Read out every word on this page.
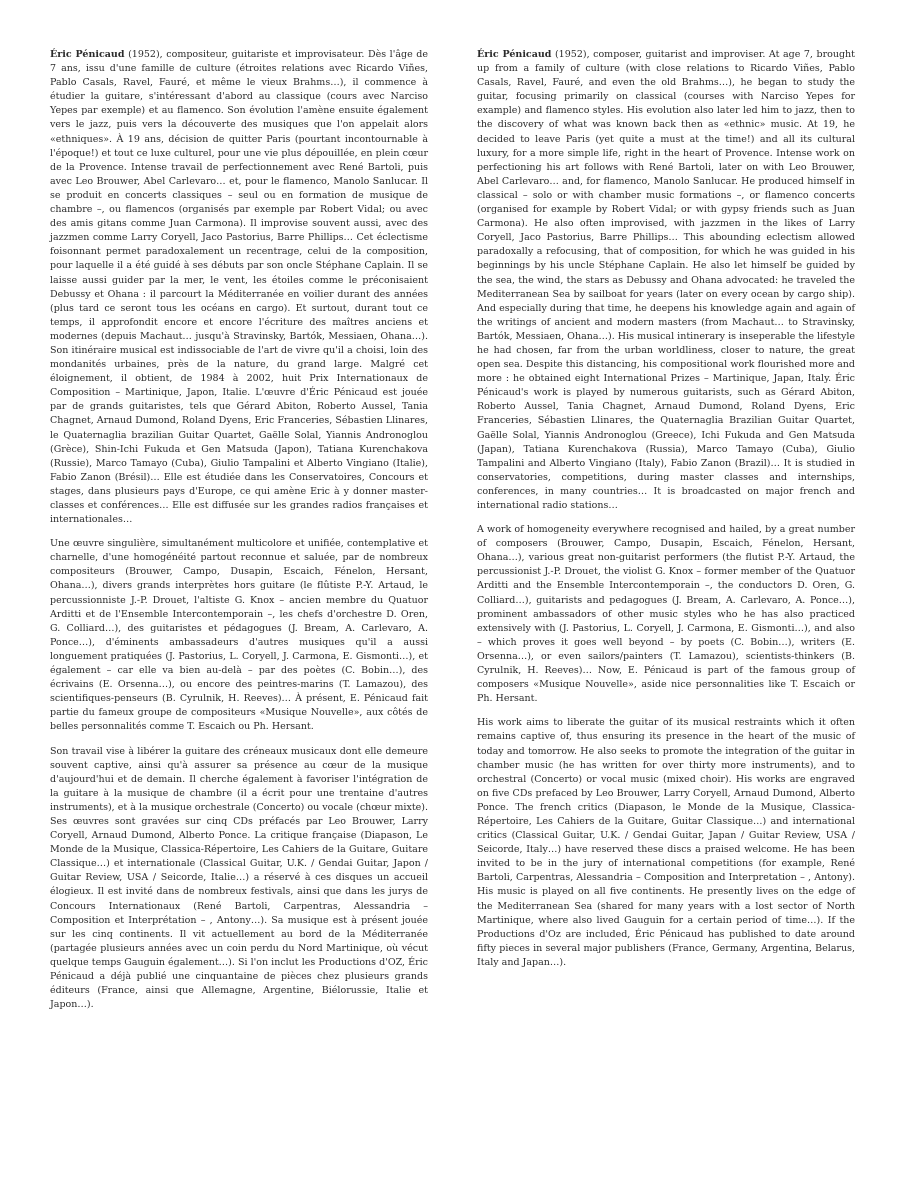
Éric Pénicaud (1952), compositeur, guitariste et improvisateur. Dès l'âge de 7 ans, issu d'une famille de culture (étroites relations avec Ricardo Viñes, Pablo Casals, Ravel, Fauré, et même le vieux Brahms…), il commence à étudier la guitare, s'intéressant d'abord au classique (cours avec Narciso Yepes par exemple) et au flamenco. Son évolution l'amène ensuite également vers le jazz, puis vers la découverte des musiques que l'on appelait alors «ethniques». À 19 ans, décision de quitter Paris (pourtant incontournable à l'époque!) et tout ce luxe culturel, pour une vie plus dépouillée, en plein cœur de la Provence. Intense travail de perfectionnement avec René Bartoli, puis avec Leo Brouwer, Abel Carlevaro… et, pour le flamenco, Manolo Sanlucar. Il se produit en concerts classiques – seul ou en formation de musique de chambre –, ou flamencos (organisés par exemple par Robert Vidal; ou avec des amis gitans comme Juan Carmona). Il improvise souvent aussi, avec des jazzmen comme Larry Coryell, Jaco Pastorius, Barre Phillips… Cet éclectisme foisonnant permet paradoxalement un recentrage, celui de la composition, pour laquelle il a été guidé à ses débuts par son oncle Stéphane Caplain. Il se laisse aussi guider par la mer, le vent, les étoiles comme le préconisaient Debussy et Ohana : il parcourt la Méditerranée en voilier durant des années (plus tard ce seront tous les océans en cargo). Et surtout, durant tout ce temps, il approfondit encore et encore l'écriture des maîtres anciens et modernes (depuis Machaut… jusqu'à Stravinsky, Bartók, Messiaen, Ohana…). Son itinéraire musical est indissociable de l'art de vivre qu'il a choisi, loin des mondanités urbaines, près de la nature, du grand large. Malgré cet éloignement, il obtient, de 1984 à 2002, huit Prix Internationaux de Composition – Martinique, Japon, Italie. L'œuvre d'Éric Pénicaud est jouée par de grands guitaristes, tels que Gérard Abiton, Roberto Aussel, Tania Chagnet, Arnaud Dumond, Roland Dyens, Eric Franceries, Sébastien Llinares, le Quaternaglia brazilian Guitar Quartet, Gaëlle Solal, Yiannis Andronoglou (Grèce), Shin-Ichi Fukuda et Gen Matsuda (Japon), Tatiana Kurenchakova (Russie), Marco Tamayo (Cuba), Giulio Tampalini et Alberto Vingiano (Italie), Fabio Zanon (Brésil)… Elle est étudiée dans les Conservatoires, Concours et stages, dans plusieurs pays d'Europe, ce qui amène Eric à y donner master-classes et conférences… Elle est diffusée sur les grandes radios françaises et internationales…

Une œuvre singulière, simultanément multicolore et unifiée, contemplative et charnelle, d'une homogénéité partout reconnue et saluée, par de nombreux compositeurs (Brouwer, Campo, Dusapin, Escaich, Fénelon, Hersant, Ohana…), divers grands interprètes hors guitare (le flûtiste P.-Y. Artaud, le percussionniste J.-P. Drouet, l'altiste G. Knox – ancien membre du Quatuor Arditti et de l'Ensemble Intercontemporain –, les chefs d'orchestre D. Oren, G. Colliard…), des guitaristes et pédagogues (J. Bream, A. Carlevaro, A. Ponce…), d'éminents ambassadeurs d'autres musiques qu'il a aussi longuement pratiquées (J. Pastorius, L. Coryell, J. Carmona, E. Gismonti…), et également – car elle va bien au-delà – par des poètes (C. Bobin…), des écrivains (E. Orsenna…), ou encore des peintres-marins (T. Lamazou), des scientifiques-penseurs (B. Cyrulnik, H. Reeves)… À présent, E. Pénicaud fait partie du fameux groupe de compositeurs «Musique Nouvelle», aux côtés de belles personnalités comme T. Escaich ou Ph. Hersant.

Son travail vise à libérer la guitare des créneaux musicaux dont elle demeure souvent captive, ainsi qu'à assurer sa présence au cœur de la musique d'aujourd'hui et de demain. Il cherche également à favoriser l'intégration de la guitare à la musique de chambre (il a écrit pour une trentaine d'autres instruments), et à la musique orchestrale (Concerto) ou vocale (chœur mixte). Ses œuvres sont gravées sur cinq CDs préfacés par Leo Brouwer, Larry Coryell, Arnaud Dumond, Alberto Ponce. La critique française (Diapason, Le Monde de la Musique, Classica-Répertoire, Les Cahiers de la Guitare, Guitare Classique…) et internationale (Classical Guitar, U.K. / Gendai Guitar, Japon / Guitar Review, USA / Seicorde, Italie…) a réservé à ces disques un accueil élogieux. Il est invité dans de nombreux festivals, ainsi que dans les jurys de Concours Internationaux (René Bartoli, Carpentras, Alessandria – Composition et Interprétation – , Antony…). Sa musique est à présent jouée sur les cinq continents. Il vit actuellement au bord de la Méditerranée (partagée plusieurs années avec un coin perdu du Nord Martinique, où vécut quelque temps Gauguin également…). Si l'on inclut les Productions d'OZ, Éric Pénicaud a déjà publié une cinquantaine de pièces chez plusieurs grands éditeurs (France, ainsi que Allemagne, Argentine, Biélorussie, Italie et Japon…).

Éric Pénicaud (1952), composer, guitarist and improviser. At age 7, brought up from a family of culture (with close relations to Ricardo Viñes, Pablo Casals, Ravel, Fauré, and even the old Brahms…), he began to study the guitar, focusing primarily on classical (courses with Narciso Yepes for example) and flamenco styles. His evolution also later led him to jazz, then to the discovery of what was known back then as «ethnic» music. At 19, he decided to leave Paris (yet quite a must at the time!) and all its cultural luxury, for a more simple life, right in the heart of Provence. Intense work on perfectioning his art follows with René Bartoli, later on with Leo Brouwer, Abel Carlevaro… and, for flamenco, Manolo Sanlucar. He produced himself in classical – solo or with chamber music formations –, or flamenco concerts (organised for example by Robert Vidal; or with gypsy friends such as Juan Carmona). He also often improvised, with jazzmen in the likes of Larry Coryell, Jaco Pastorius, Barre Phillips… This abounding eclectism allowed paradoxally a refocusing, that of composition, for which he was guided in his beginnings by his uncle Stéphane Caplain. He also let himself be guided by the sea, the wind, the stars as Debussy and Ohana advocated: he traveled the Mediterranean Sea by sailboat for years (later on every ocean by cargo ship). And especially during that time, he deepens his knowledge again and again of the writings of ancient and modern masters (from Machaut… to Stravinsky, Bartók, Messiaen, Ohana…). His musical intinerary is inseperable the lifestyle he had chosen, far from the urban worldliness, closer to nature, the great open sea. Despite this distancing, his compositional work flourished more and more : he obtained eight International Prizes – Martinique, Japan, Italy. Éric Pénicaud's work is played by numerous guitarists, such as Gérard Abiton, Roberto Aussel, Tania Chagnet, Arnaud Dumond, Roland Dyens, Eric Franceries, Sébastien Llinares, the Quaternaglia Brazilian Guitar Quartet, Gaëlle Solal, Yiannis Andronoglou (Greece), Ichi Fukuda and Gen Matsuda (Japan), Tatiana Kurenchakova (Russia), Marco Tamayo (Cuba), Giulio Tampalini and Alberto Vingiano (Italy), Fabio Zanon (Brazil)… It is studied in conservatories, competitions, during master classes and internships, conferences, in many countries… It is broadcasted on major french and international radio stations…

A work of homogeneity everywhere recognised and hailed, by a great number of composers (Brouwer, Campo, Dusapin, Escaich, Fénelon, Hersant, Ohana…), various great non-guitarist performers (the flutist P.-Y. Artaud, the percussionist J.-P. Drouet, the violist G. Knox – former member of the Quatuor Arditti and the Ensemble Intercontemporain –, the conductors D. Oren, G. Colliard…), guitarists and pedagogues (J. Bream, A. Carlevaro, A. Ponce…), prominent ambassadors of other music styles who he has also practiced extensively with (J. Pastorius, L. Coryell, J. Carmona, E. Gismonti…), and also – which proves it goes well beyond – by poets (C. Bobin…), writers (E. Orsenna…), or even sailors/painters (T. Lamazou), scientists-thinkers (B. Cyrulnik, H. Reeves)… Now, E. Pénicaud is part of the famous group of composers «Musique Nouvelle», aside nice personnalities like T. Escaich or Ph. Hersant.

His work aims to liberate the guitar of its musical restraints which it often remains captive of, thus ensuring its presence in the heart of the music of today and tomorrow. He also seeks to promote the integration of the guitar in chamber music (he has written for over thirty more instruments), and to orchestral (Concerto) or vocal music (mixed choir). His works are engraved on five CDs prefaced by Leo Brouwer, Larry Coryell, Arnaud Dumond, Alberto Ponce. The french critics (Diapason, le Monde de la Musique, Classica-Répertoire, Les Cahiers de la Guitare, Guitar Classique…) and international critics (Classical Guitar, U.K. / Gendai Guitar, Japan / Guitar Review, USA / Seicorde, Italy…) have reserved these discs a praised welcome. He has been invited to be in the jury of international competitions (for example, René Bartoli, Carpentras, Alessandria – Composition and Interpretation – , Antony). His music is played on all five continents. He presently lives on the edge of the Mediterranean Sea (shared for many years with a lost sector of North Martinique, where also lived Gauguin for a certain period of time…). If the Productions d'Oz are included, Éric Pénicaud has published to date around fifty pieces in several major publishers (France, Germany, Argentina, Belarus, Italy and Japan…).
